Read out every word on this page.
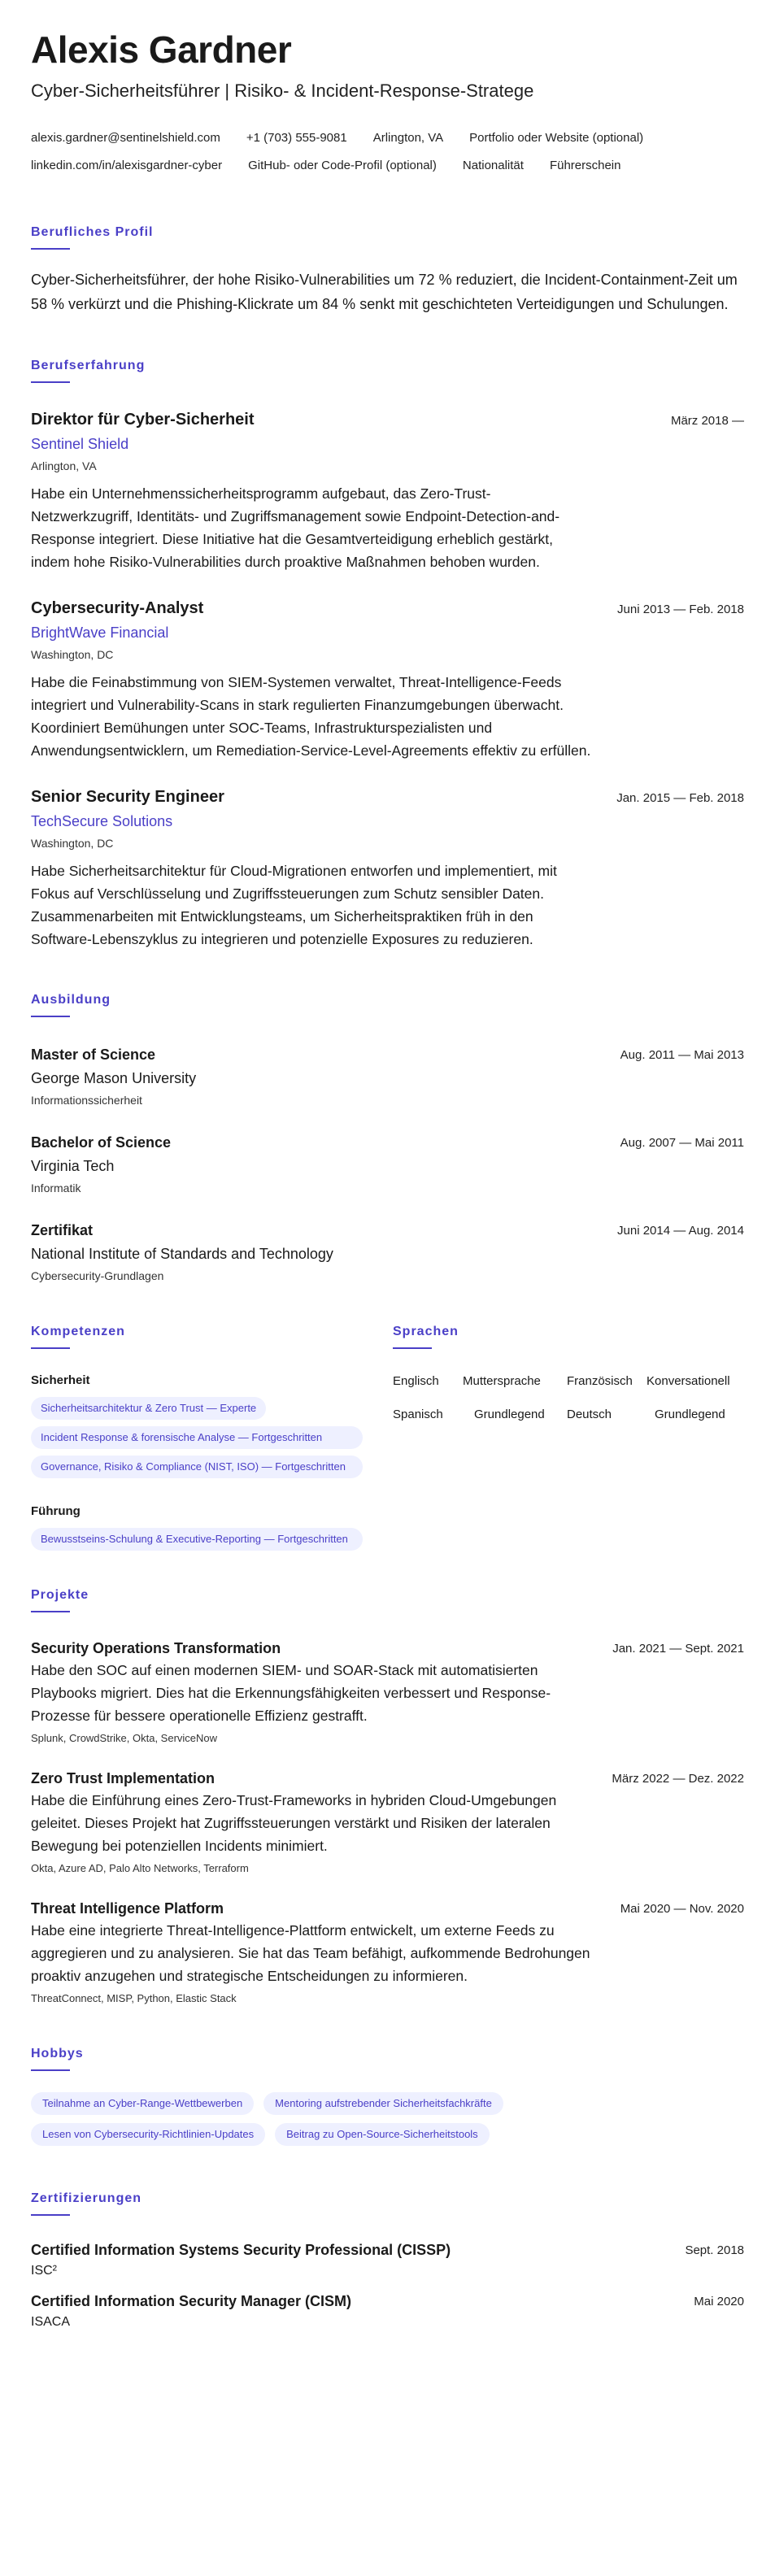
Alexis Gardner
Cyber-Sicherheitsführer | Risiko- & Incident-Response-Stratege
alexis.gardner@sentinelshield.com +1 (703) 555-9081 Arlington, VA Portfolio oder Website (optional)
linkedin.com/in/alexisgardner-cyber GitHub- oder Code-Profil (optional) Nationalität Führerschein
Berufliches Profil
Cyber-Sicherheitsführer, der hohe Risiko-Vulnerabilities um 72 % reduziert, die Incident-Containment-Zeit um 58 % verkürzt und die Phishing-Klickrate um 84 % senkt mit geschichteten Verteidigungen und Schulungen.
Berufserfahrung
Direktor für Cyber-Sicherheit	März 2018 —
Sentinel Shield
Arlington, VA
Habe ein Unternehmenssicherheitsprogramm aufgebaut, das Zero-Trust-Netzwerkzugriff, Identitäts- und Zugriffsmanagement sowie Endpoint-Detection-and-Response integriert. Diese Initiative hat die Gesamtverteidigung erheblich gestärkt, indem hohe Risiko-Vulnerabilities durch proaktive Maßnahmen behoben wurden.
Cybersecurity-Analyst	Juni 2013 — Feb. 2018
BrightWave Financial
Washington, DC
Habe die Feinabstimmung von SIEM-Systemen verwaltet, Threat-Intelligence-Feeds integriert und Vulnerability-Scans in stark regulierten Finanzumgebungen überwacht. Koordiniert Bemühungen unter SOC-Teams, Infrastrukturspezialisten und Anwendungsentwicklern, um Remediation-Service-Level-Agreements effektiv zu erfüllen.
Senior Security Engineer	Jan. 2015 — Feb. 2018
TechSecure Solutions
Washington, DC
Habe Sicherheitsarchitektur für Cloud-Migrationen entworfen und implementiert, mit Fokus auf Verschlüsselung und Zugriffssteuerungen zum Schutz sensibler Daten. Zusammenarbeiten mit Entwicklungsteams, um Sicherheitspraktiken früh in den Software-Lebenszyklus zu integrieren und potenzielle Exposures zu reduzieren.
Ausbildung
Master of Science	Aug. 2011 — Mai 2013
George Mason University
Informationssicherheit
Bachelor of Science	Aug. 2007 — Mai 2011
Virginia Tech
Informatik
Zertifikat	Juni 2014 — Aug. 2014
National Institute of Standards and Technology
Cybersecurity-Grundlagen
Kompetenzen
Sicherheit
Sicherheitsarchitektur & Zero Trust — Experte
Incident Response & forensische Analyse — Fortgeschritten
Governance, Risiko & Compliance (NIST, ISO) — Fortgeschritten
Führung
Bewusstseins-Schulung & Executive-Reporting — Fortgeschritten
Sprachen
Englisch	Muttersprache	Französisch	Konversationell
Spanisch	Grundlegend	Deutsch	Grundlegend
Projekte
Security Operations Transformation	Jan. 2021 — Sept. 2021
Habe den SOC auf einen modernen SIEM- und SOAR-Stack mit automatisierten Playbooks migriert. Dies hat die Erkennungsfähigkeiten verbessert und Response-Prozesse für bessere operationelle Effizienz gestrafft.
Splunk, CrowdStrike, Okta, ServiceNow
Zero Trust Implementation	März 2022 — Dez. 2022
Habe die Einführung eines Zero-Trust-Frameworks in hybriden Cloud-Umgebungen geleitet. Dieses Projekt hat Zugriffssteuerungen verstärkt und Risiken der lateralen Bewegung bei potenziellen Incidents minimiert.
Okta, Azure AD, Palo Alto Networks, Terraform
Threat Intelligence Platform	Mai 2020 — Nov. 2020
Habe eine integrierte Threat-Intelligence-Plattform entwickelt, um externe Feeds zu aggregieren und zu analysieren. Sie hat das Team befähigt, aufkommende Bedrohungen proaktiv anzugehen und strategische Entscheidungen zu informieren.
ThreatConnect, MISP, Python, Elastic Stack
Hobbys
Teilnahme an Cyber-Range-Wettbewerben	Mentoring aufstrebender Sicherheitsfachkräfte
Lesen von Cybersecurity-Richtlinien-Updates	Beitrag zu Open-Source-Sicherheitstools
Zertifizierungen
Certified Information Systems Security Professional (CISSP)	Sept. 2018
ISC²
Certified Information Security Manager (CISM)	Mai 2020
ISACA
